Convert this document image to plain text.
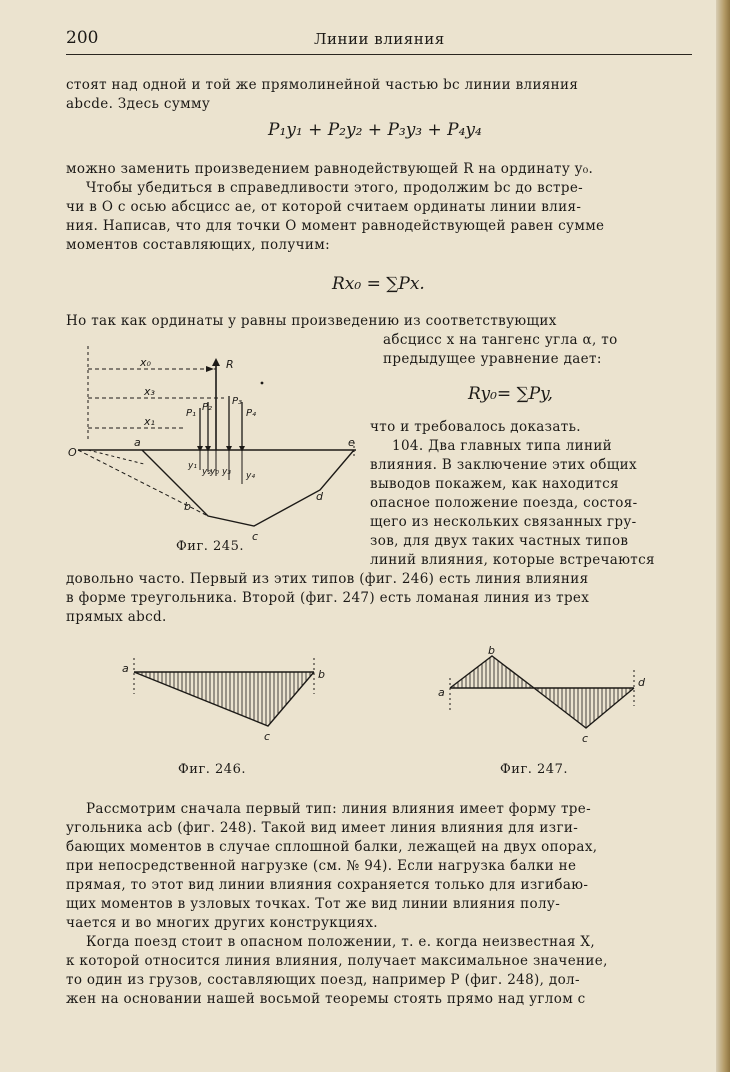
200	Линии влияния
стоят над одной и той же прямолинейной частью bc линии влияния
abcde. Здесь сумму
P₁y₁ + P₂y₂ + P₃y₃ + P₄y₄
можно заменить произведением равнодействующей R на ординату y₀.
Чтобы убедиться в справедливости этого, продолжим bc до встре-
чи в O с осью абсцисс ae, от которой считаем ординаты линии влия-
ния. Написав, что для точки O момент равнодействующей равен сумме
моментов составляющих, получим:
Rx₀ = ∑Px.
Но так как ординаты y равны произведению из соответствующих
абсцисс x на тангенс угла α, то
предыдущее уравнение дает:
Ry₀= ∑Py,
что и требовалось доказать.
104. Два главных типа линий
влияния. В заключение этих общих
выводов покажем, как находится
опасное положение поезда, состоя-
щего из нескольких связанных гру-
зов, для двух таких частных типов
линий влияния, которые встречаются
довольно часто. Первый из этих типов (фиг. 246) есть линия влияния
в форме треугольника. Второй (фиг. 247) есть ломаная линия из трех
прямых abcd.
x₀	R
x₃
x₁
P₁
P₂
P₃
P₄
O
a	e
b
c
d
y₁
y₂ y₀ y₃ y₄
Фиг. 245.
a	b
c
Фиг. 246.
a
b
c
d
Фиг. 247.
Рассмотрим сначала первый тип: линия влияния имеет форму тре-
угольника acb (фиг. 248). Такой вид имеет линия влияния для изги-
бающих моментов в случае сплошной балки, лежащей на двух опорах,
при непосредственной нагрузке (см. № 94). Если нагрузка балки не
прямая, то этот вид линии влияния сохраняется только для изгибаю-
щих моментов в узловых точках. Тот же вид линии влияния полу-
чается и во многих других конструкциях.
Когда поезд стоит в опасном положении, т. е. когда неизвестная X,
к которой относится линия влияния, получает максимальное значение,
то один из грузов, составляющих поезд, например P (фиг. 248), дол-
жен на основании нашей восьмой теоремы стоять прямо над углом c
